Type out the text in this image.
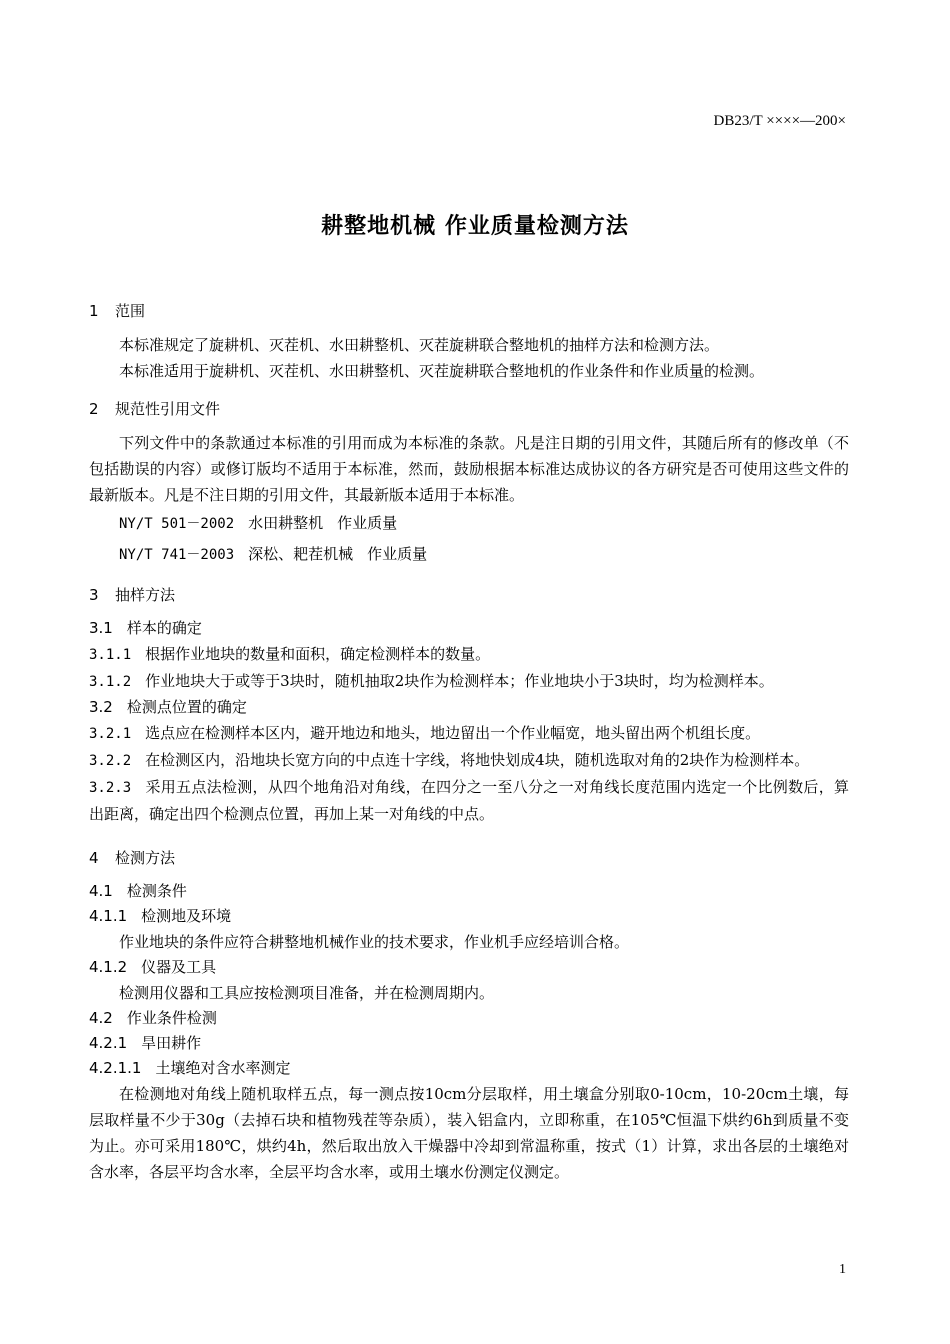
DB23/T ××××—200×
耕整地机械 作业质量检测方法
1 范围

本标准规定了旋耕机、灭茬机、水田耕整机、灭茬旋耕联合整地机的抽样方法和检测方法。

本标准适用于旋耕机、灭茬机、水田耕整机、灭茬旋耕联合整地机的作业条件和作业质量的检测。

2 规范性引用文件

下列文件中的条款通过本标准的引用而成为本标准的条款。凡是注日期的引用文件，其随后所有的修改单（不包括勘误的内容）或修订版均不适用于本标准，然而，鼓励根据本标准达成协议的各方研究是否可使用这些文件的最新版本。凡是不注日期的引用文件，其最新版本适用于本标准。

NY/T 501－2002 水田耕整机 作业质量
NY/T 741－2003 深松、耙茬机械 作业质量
3 抽样方法
3.1 样本的确定

3.1.1 根据作业地块的数量和面积，确定检测样本的数量。

3.1.2 作业地块大于或等于3块时，随机抽取2块作为检测样本；作业地块小于3块时，均为检测样本。

3.2 检测点位置的确定

3.2.1 选点应在检测样本区内，避开地边和地头，地边留出一个作业幅宽，地头留出两个机组长度。

3.2.2 在检测区内，沿地块长宽方向的中点连十字线，将地快划成4块，随机选取对角的2块作为检测样本。

3.2.3 采用五点法检测，从四个地角沿对角线，在四分之一至八分之一对角线长度范围内选定一个比例数后，算出距离，确定出四个检测点位置，再加上某一对角线的中点。

4 检测方法
4.1 检测条件
4.1.1 检测地及环境

作业地块的条件应符合耕整地机械作业的技术要求，作业机手应经培训合格。

4.1.2 仪器及工具

检测用仪器和工具应按检测项目准备，并在检测周期内。

4.2 作业条件检测
4.2.1 旱田耕作
4.2.1.1 土壤绝对含水率测定

在检测地对角线上随机取样五点，每一测点按10cm分层取样，用土壤盒分别取0-10cm，10-20cm土壤，每层取样量不少于30g（去掉石块和植物残茬等杂质），装入铝盒内，立即称重，在105℃恒温下烘约6h到质量不变为止。亦可采用180℃，烘约4h，然后取出放入干燥器中冷却到常温称重，按式（1）计算，求出各层的土壤绝对含水率，各层平均含水率，全层平均含水率，或用土壤水份测定仪测定。

1
